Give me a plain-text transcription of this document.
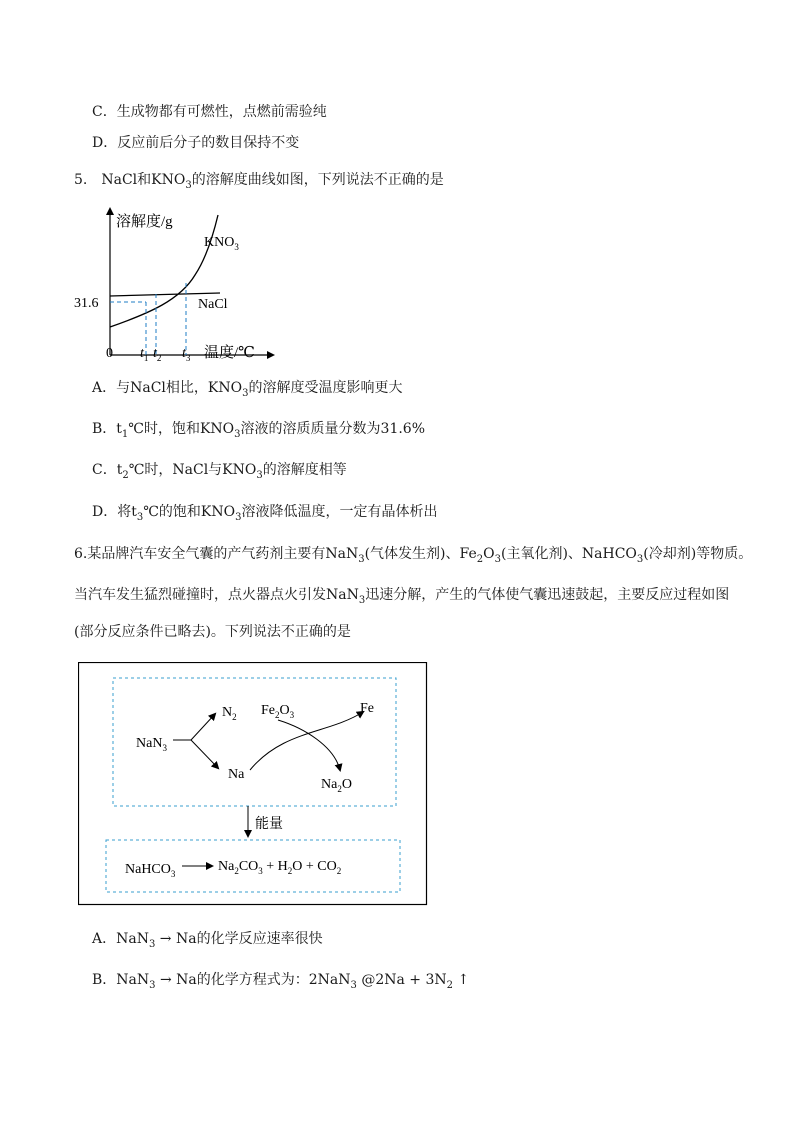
C．生成物都有可燃性，点燃前需验纯
D．反应前后分子的数目保持不变
5.　NaCl和$KNO_3$的溶解度曲线如图，下列说法不正确的是
溶解度/g
$KNO_3$
NaCl
31.6
0 $t_1$ $t_2$ $t_3$ 温度/℃
A．与NaCl相比，$KNO_3$的溶解度受温度影响更大
B．$t_1℃$时，饱和$KNO_3$溶液的溶质质量分数为31.6%
C．$t_2℃$时，NaCl与$KNO_3$的溶解度相等
D．将$t_3℃$的饱和$KNO_3$溶液降低温度，一定有晶体析出
6.某品牌汽车安全气囊的产气药剂主要有NaN$_3$(气体发生剂)、$Fe_2O_3$(主氧化剂)、NaHCO$_3$(冷却剂)等物质。
当汽车发生猛烈碰撞时，点火器点火引发NaN$_3$迅速分解，产生的气体使气囊迅速鼓起，主要反应过程如图
(部分反应条件已略去)。下列说法不正确的是
NaN$_3$
$N_2$
Na
$Fe_2O_3$	Fe
$Na_2O$
能量
NaHCO$_3$	$Na_2CO_3 + H_2O + CO_2$
A．NaN$_3$ → Na的化学反应速率很快
B．NaN$_3$ → Na的化学方程式为：2NaN$_3$ @2Na + $3N_2$ ↑
